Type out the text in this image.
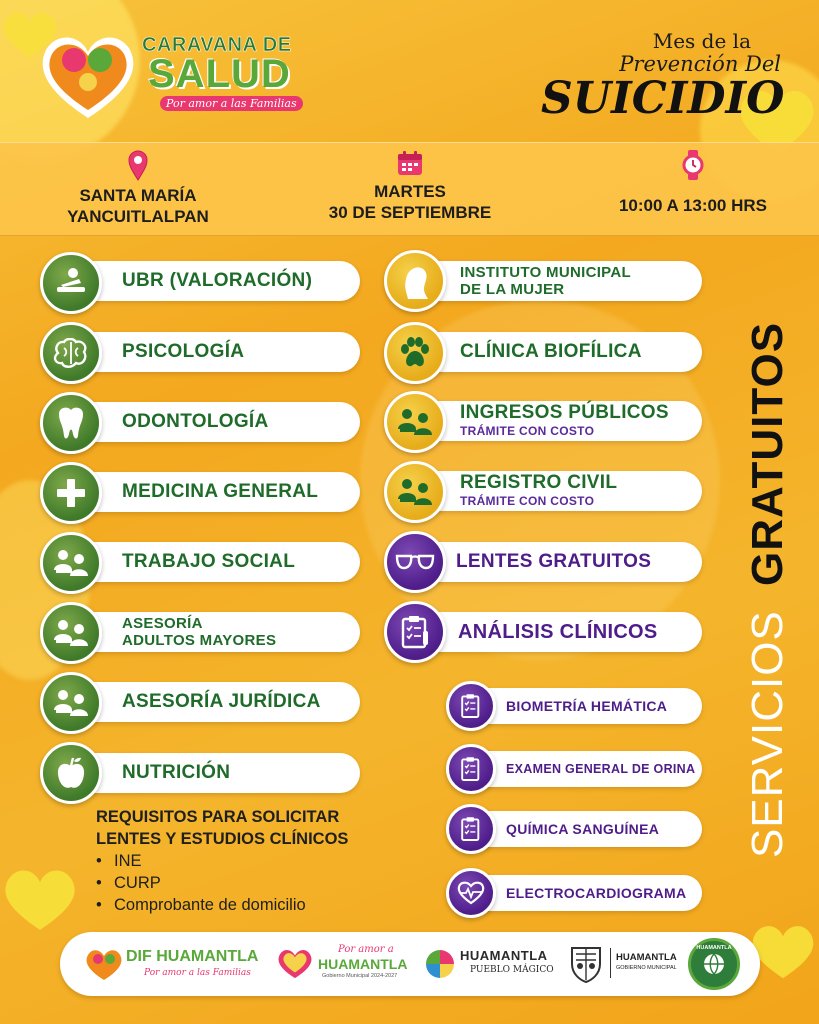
CARAVANA DE
SALUD
Por amor a las Familias
Mes de la
Prevención Del
SUICIDIO
SANTA MARÍA
YANCUITLALPAN
MARTES
30 DE SEPTIEMBRE	10:00 A 13:00 HRS
UBR (VALORACIÓN)
PSICOLOGÍA
ODONTOLOGÍA
MEDICINA GENERAL
TRABAJO SOCIAL
ASESORÍA
ADULTOS MAYORES
ASESORÍA JURÍDICA
NUTRICIÓN
INSTITUTO MUNICIPAL
DE LA MUJER
CLÍNICA BIOFÍLICA
INGRESOS PÚBLICOS
TRÁMITE CON COSTO
REGISTRO CIVIL
TRÁMITE CON COSTO
LENTES GRATUITOS
ANÁLISIS CLÍNICOS
BIOMETRÍA HEMÁTICA
EXAMEN GENERAL DE ORINA
QUÍMICA SANGUÍNEA
ELECTROCARDIOGRAMA
SERVICIOS GRATUITOS
REQUISITOS PARA SOLICITAR
LENTES Y ESTUDIOS CLÍNICOS
• INE
• CURP
• Comprobante de domicilio
DIF HUAMANTLA
Por amor a las Familias
Por amor a
HUAMANTLA
Gobierno Municipal 2024-2027
HUAMANTLA
PUEBLO MÁGICO
HUAMANTLA
GOBIERNO MUNICIPAL
HUAMANTLA
